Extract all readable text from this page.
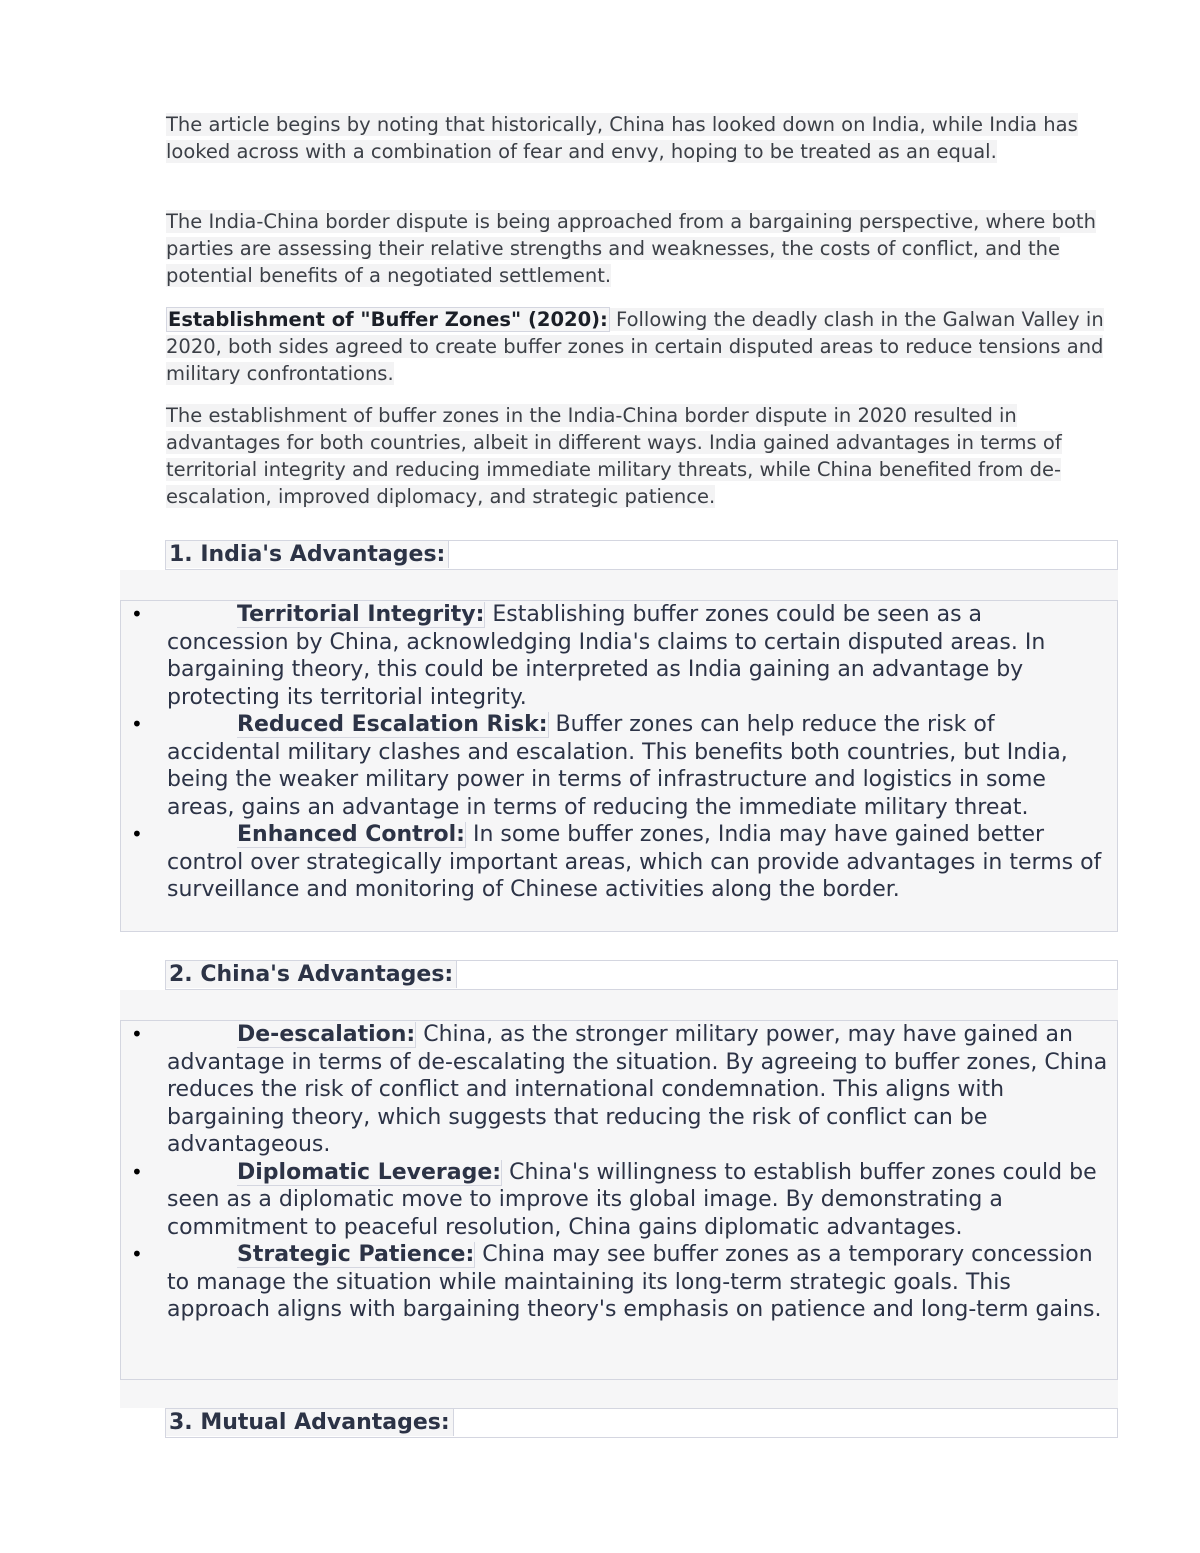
The article begins by noting that historically, China has looked down on India, while India has looked across with a combination of fear and envy, hoping to be treated as an equal.

The India-China border dispute is being approached from a bargaining perspective, where both parties are assessing their relative strengths and weaknesses, the costs of conflict, and the potential benefits of a negotiated settlement.

Establishment of "Buffer Zones" (2020): Following the deadly clash in the Galwan Valley in 2020, both sides agreed to create buffer zones in certain disputed areas to reduce tensions and military confrontations.

The establishment of buffer zones in the India-China border dispute in 2020 resulted in advantages for both countries, albeit in different ways. India gained advantages in terms of territorial integrity and reducing immediate military threats, while China benefited from de-escalation, improved diplomacy, and strategic patience.

1. India's Advantages:
•	Territorial Integrity: Establishing buffer zones could be seen as a concession by China, acknowledging India's claims to certain disputed areas. In bargaining theory, this could be interpreted as India gaining an advantage by protecting its territorial integrity.
•	Reduced Escalation Risk: Buffer zones can help reduce the risk of accidental military clashes and escalation. This benefits both countries, but India, being the weaker military power in terms of infrastructure and logistics in some areas, gains an advantage in terms of reducing the immediate military threat.
•	Enhanced Control: In some buffer zones, India may have gained better control over strategically important areas, which can provide advantages in terms of surveillance and monitoring of Chinese activities along the border.
2. China's Advantages:
•	De-escalation: China, as the stronger military power, may have gained an advantage in terms of de-escalating the situation. By agreeing to buffer zones, China reduces the risk of conflict and international condemnation. This aligns with bargaining theory, which suggests that reducing the risk of conflict can be advantageous.
•	Diplomatic Leverage: China's willingness to establish buffer zones could be seen as a diplomatic move to improve its global image. By demonstrating a commitment to peaceful resolution, China gains diplomatic advantages.
•	Strategic Patience: China may see buffer zones as a temporary concession to manage the situation while maintaining its long-term strategic goals. This approach aligns with bargaining theory's emphasis on patience and long-term gains.
3. Mutual Advantages:
